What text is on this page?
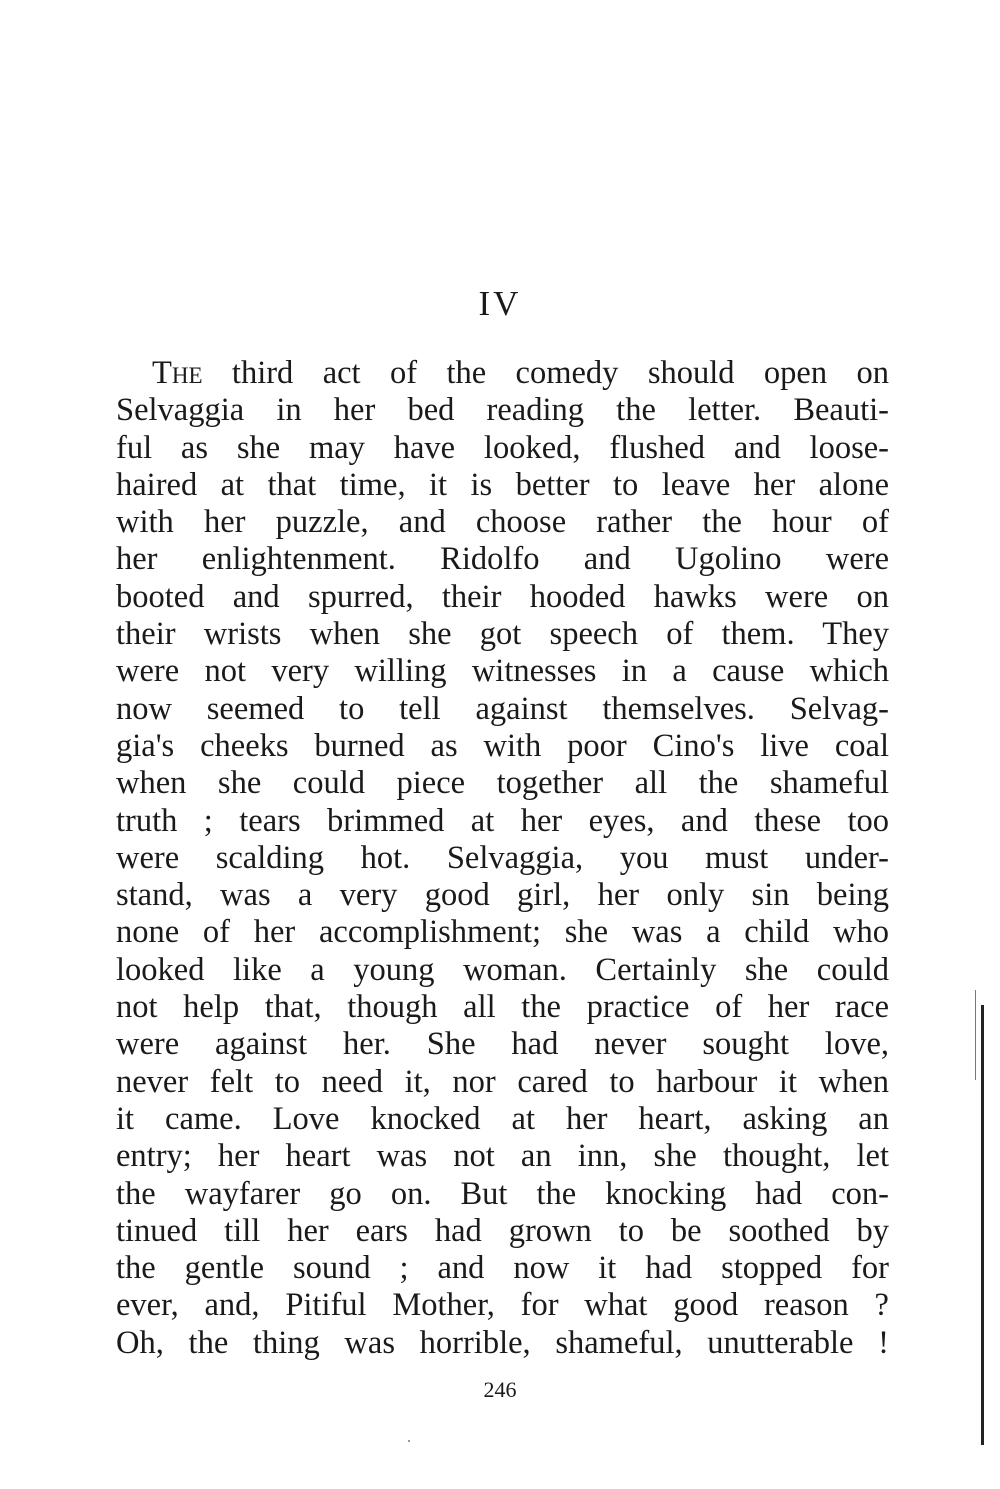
IV
The third act of the comedy should open on
Selvaggia in her bed reading the letter. Beauti-
ful as she may have looked, flushed and loose-
haired at that time, it is better to leave her alone
with her puzzle, and choose rather the hour of
her enlightenment. Ridolfo and Ugolino were
booted and spurred, their hooded hawks were on
their wrists when she got speech of them. They
were not very willing witnesses in a cause which
now seemed to tell against themselves. Selvag-
gia's cheeks burned as with poor Cino's live coal
when she could piece together all the shameful
truth ; tears brimmed at her eyes, and these too
were scalding hot. Selvaggia, you must under-
stand, was a very good girl, her only sin being
none of her accomplishment; she was a child who
looked like a young woman. Certainly she could
not help that, though all the practice of her race
were against her. She had never sought love,
never felt to need it, nor cared to harbour it when
it came. Love knocked at her heart, asking an
entry; her heart was not an inn, she thought, let
the wayfarer go on. But the knocking had con-
tinued till her ears had grown to be soothed by
the gentle sound ; and now it had stopped for
ever, and, Pitiful Mother, for what good reason ?
Oh, the thing was horrible, shameful, unutterable !
246
